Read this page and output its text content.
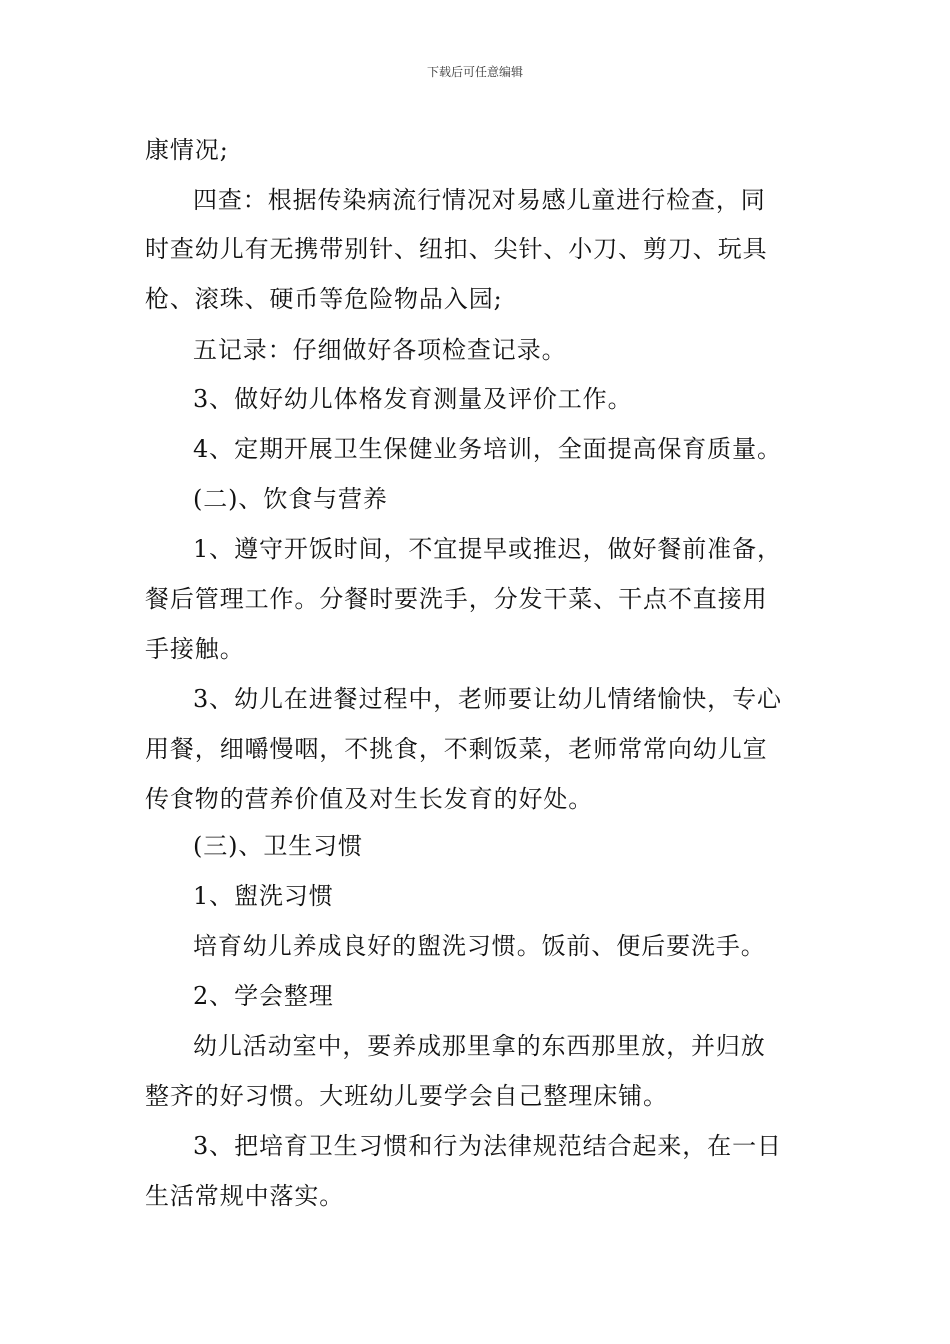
下载后可任意编辑
康情况;
四查：根据传染病流行情况对易感儿童进行检查，同
时查幼儿有无携带别针、纽扣、尖针、小刀、剪刀、玩具
枪、滚珠、硬币等危险物品入园;
五记录：仔细做好各项检查记录。
3、做好幼儿体格发育测量及评价工作。
4、定期开展卫生保健业务培训，全面提高保育质量。
(二)、饮食与营养
1、遵守开饭时间，不宜提早或推迟，做好餐前准备，
餐后管理工作。分餐时要洗手，分发干菜、干点不直接用
手接触。
3、幼儿在进餐过程中，老师要让幼儿情绪愉快，专心
用餐，细嚼慢咽，不挑食，不剩饭菜，老师常常向幼儿宣
传食物的营养价值及对生长发育的好处。
(三)、卫生习惯
1、盥洗习惯
培育幼儿养成良好的盥洗习惯。饭前、便后要洗手。
2、学会整理
幼儿活动室中，要养成那里拿的东西那里放，并归放
整齐的好习惯。大班幼儿要学会自己整理床铺。
3、把培育卫生习惯和行为法律规范结合起来，在一日
生活常规中落实。
